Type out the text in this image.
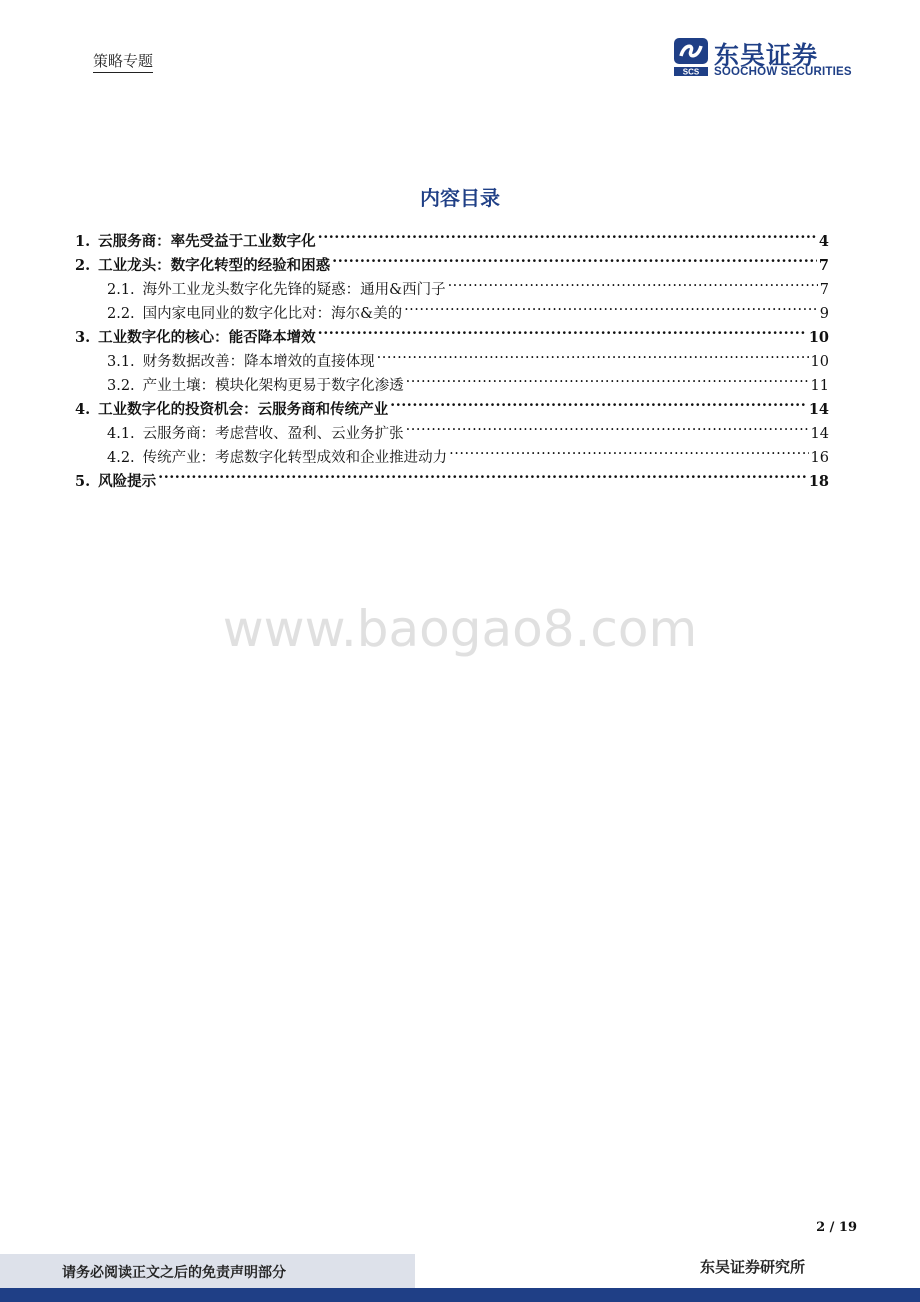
策略专题
SCS
东吴证券
SOOCHOW SECURITIES
内容目录
1. 云服务商：率先受益于工业数字化 .....	4
2. 工业龙头：数字化转型的经验和困惑 .....	7
2.1. 海外工业龙头数字化先锋的疑惑：通用&西门子 .....	7
2.2. 国内家电同业的数字化比对：海尔&美的 .....	9
3. 工业数字化的核心：能否降本增效 .....	10
3.1. 财务数据改善：降本增效的直接体现 .....	10
3.2. 产业土壤：模块化架构更易于数字化渗透 .....	11
4. 工业数字化的投资机会：云服务商和传统产业 .....	14
4.1. 云服务商：考虑营收、盈利、云业务扩张 .....	14
4.2. 传统产业：考虑数字化转型成效和企业推进动力 .....	16
5. 风险提示 .....	18
www.baogao8.com
2 / 19
请务必阅读正文之后的免责声明部分	东吴证券研究所
